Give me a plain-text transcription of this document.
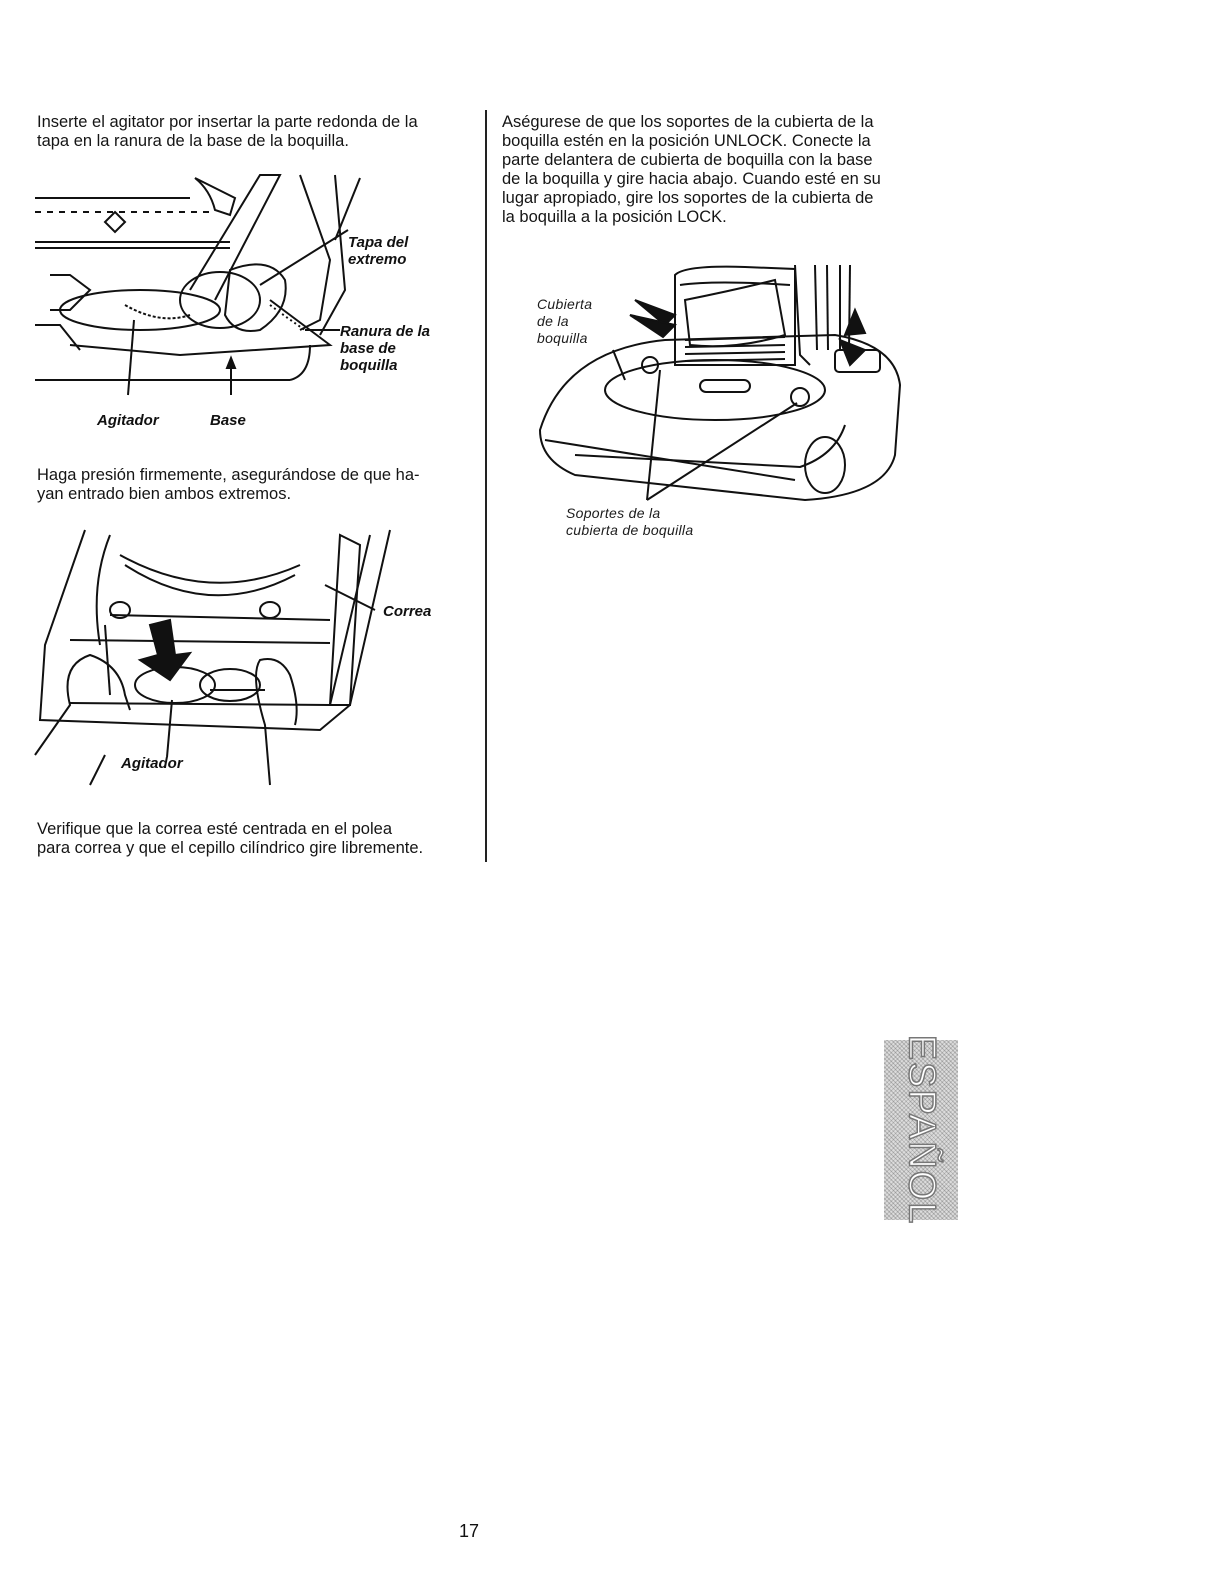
Inserte el agitator por insertar la parte redonda de la
tapa en la ranura de la base de la boquilla.
Tapa del
extremo
Ranura de la
base de
boquilla
Agitador	Base
Haga presión firmemente, asegurándose de que ha-
yan entrado bien ambos extremos.
Correa
Agitador
Verifique que la correa esté centrada en el polea
para correa y que el cepillo cilíndrico gire libremente.
Aségurese de que los soportes de la cubierta de la
boquilla estén en la posición UNLOCK. Conecte la
parte delantera de cubierta de boquilla con la base
de la boquilla y gire hacia abajo. Cuando esté en su
lugar apropiado, gire los soportes de la cubierta de
la boquilla a la posición LOCK.
Cubierta
de la
boquilla
Soportes de la
cubierta de boquilla
ESPAÑOL
17
